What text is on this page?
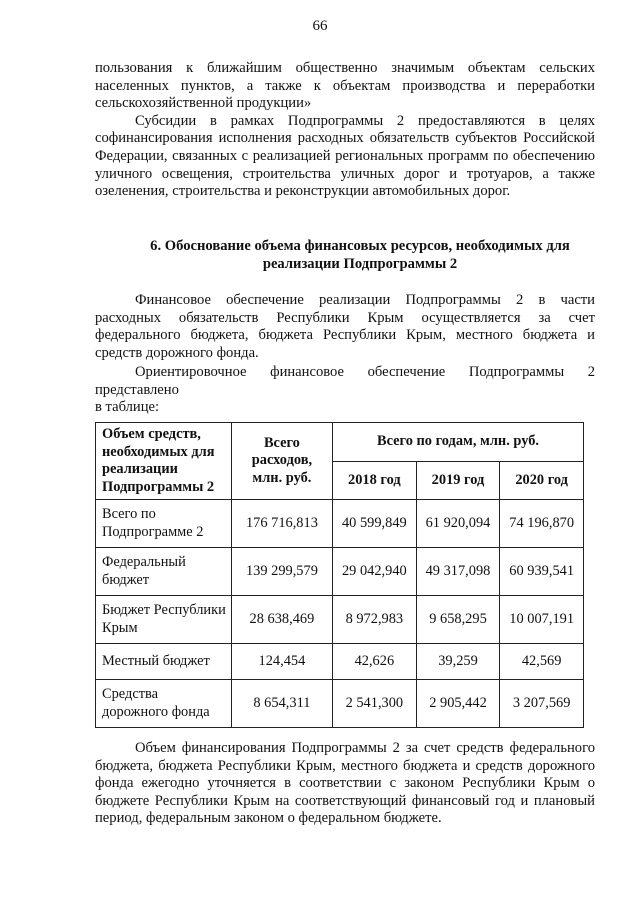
66

пользования к ближайшим общественно значимым объектам сельских населенных пунктов, а также к объектам производства и переработки сельскохозяйственной продукции»

Субсидии в рамках Подпрограммы 2 предоставляются в целях софинансирования исполнения расходных обязательств субъектов Российской Федерации, связанных с реализацией региональных программ по обеспечению уличного освещения, строительства уличных дорог и тротуаров, а также озеленения, строительства и реконструкции автомобильных дорог.

6. Обоснование объема финансовых ресурсов, необходимых для реализации Подпрограммы 2

Финансовое обеспечение реализации Подпрограммы 2 в части расходных обязательств Республики Крым осуществляется за счет федерального бюджета, бюджета Республики Крым, местного бюджета и средств дорожного фонда.

Ориентировочное финансовое обеспечение Подпрограммы 2
представлено
в таблице:
Объем средств, необходимых для реализации Подпрограммы 2	Всего расходов, млн. руб.	Всего по годам, млн. руб.		
		2018 год	2019 год	2020 год
Всего по Подпрограмме 2	176 716,813	40 599,849	61 920,094	74 196,870
Федеральный бюджет	139 299,579	29 042,940	49 317,098	60 939,541
Бюджет Республики Крым	28 638,469	8 972,983	9 658,295	10 007,191
Местный бюджет	124,454	42,626	39,259	42,569
Средства дорожного фонда	8 654,311	2 541,300	2 905,442	3 207,569

Объем финансирования Подпрограммы 2 за счет средств федерального бюджета, бюджета Республики Крым, местного бюджета и средств дорожного фонда ежегодно уточняется в соответствии с законом Республики Крым о бюджете Республики Крым на соответствующий финансовый год и плановый период, федеральным законом о федеральном бюджете.
